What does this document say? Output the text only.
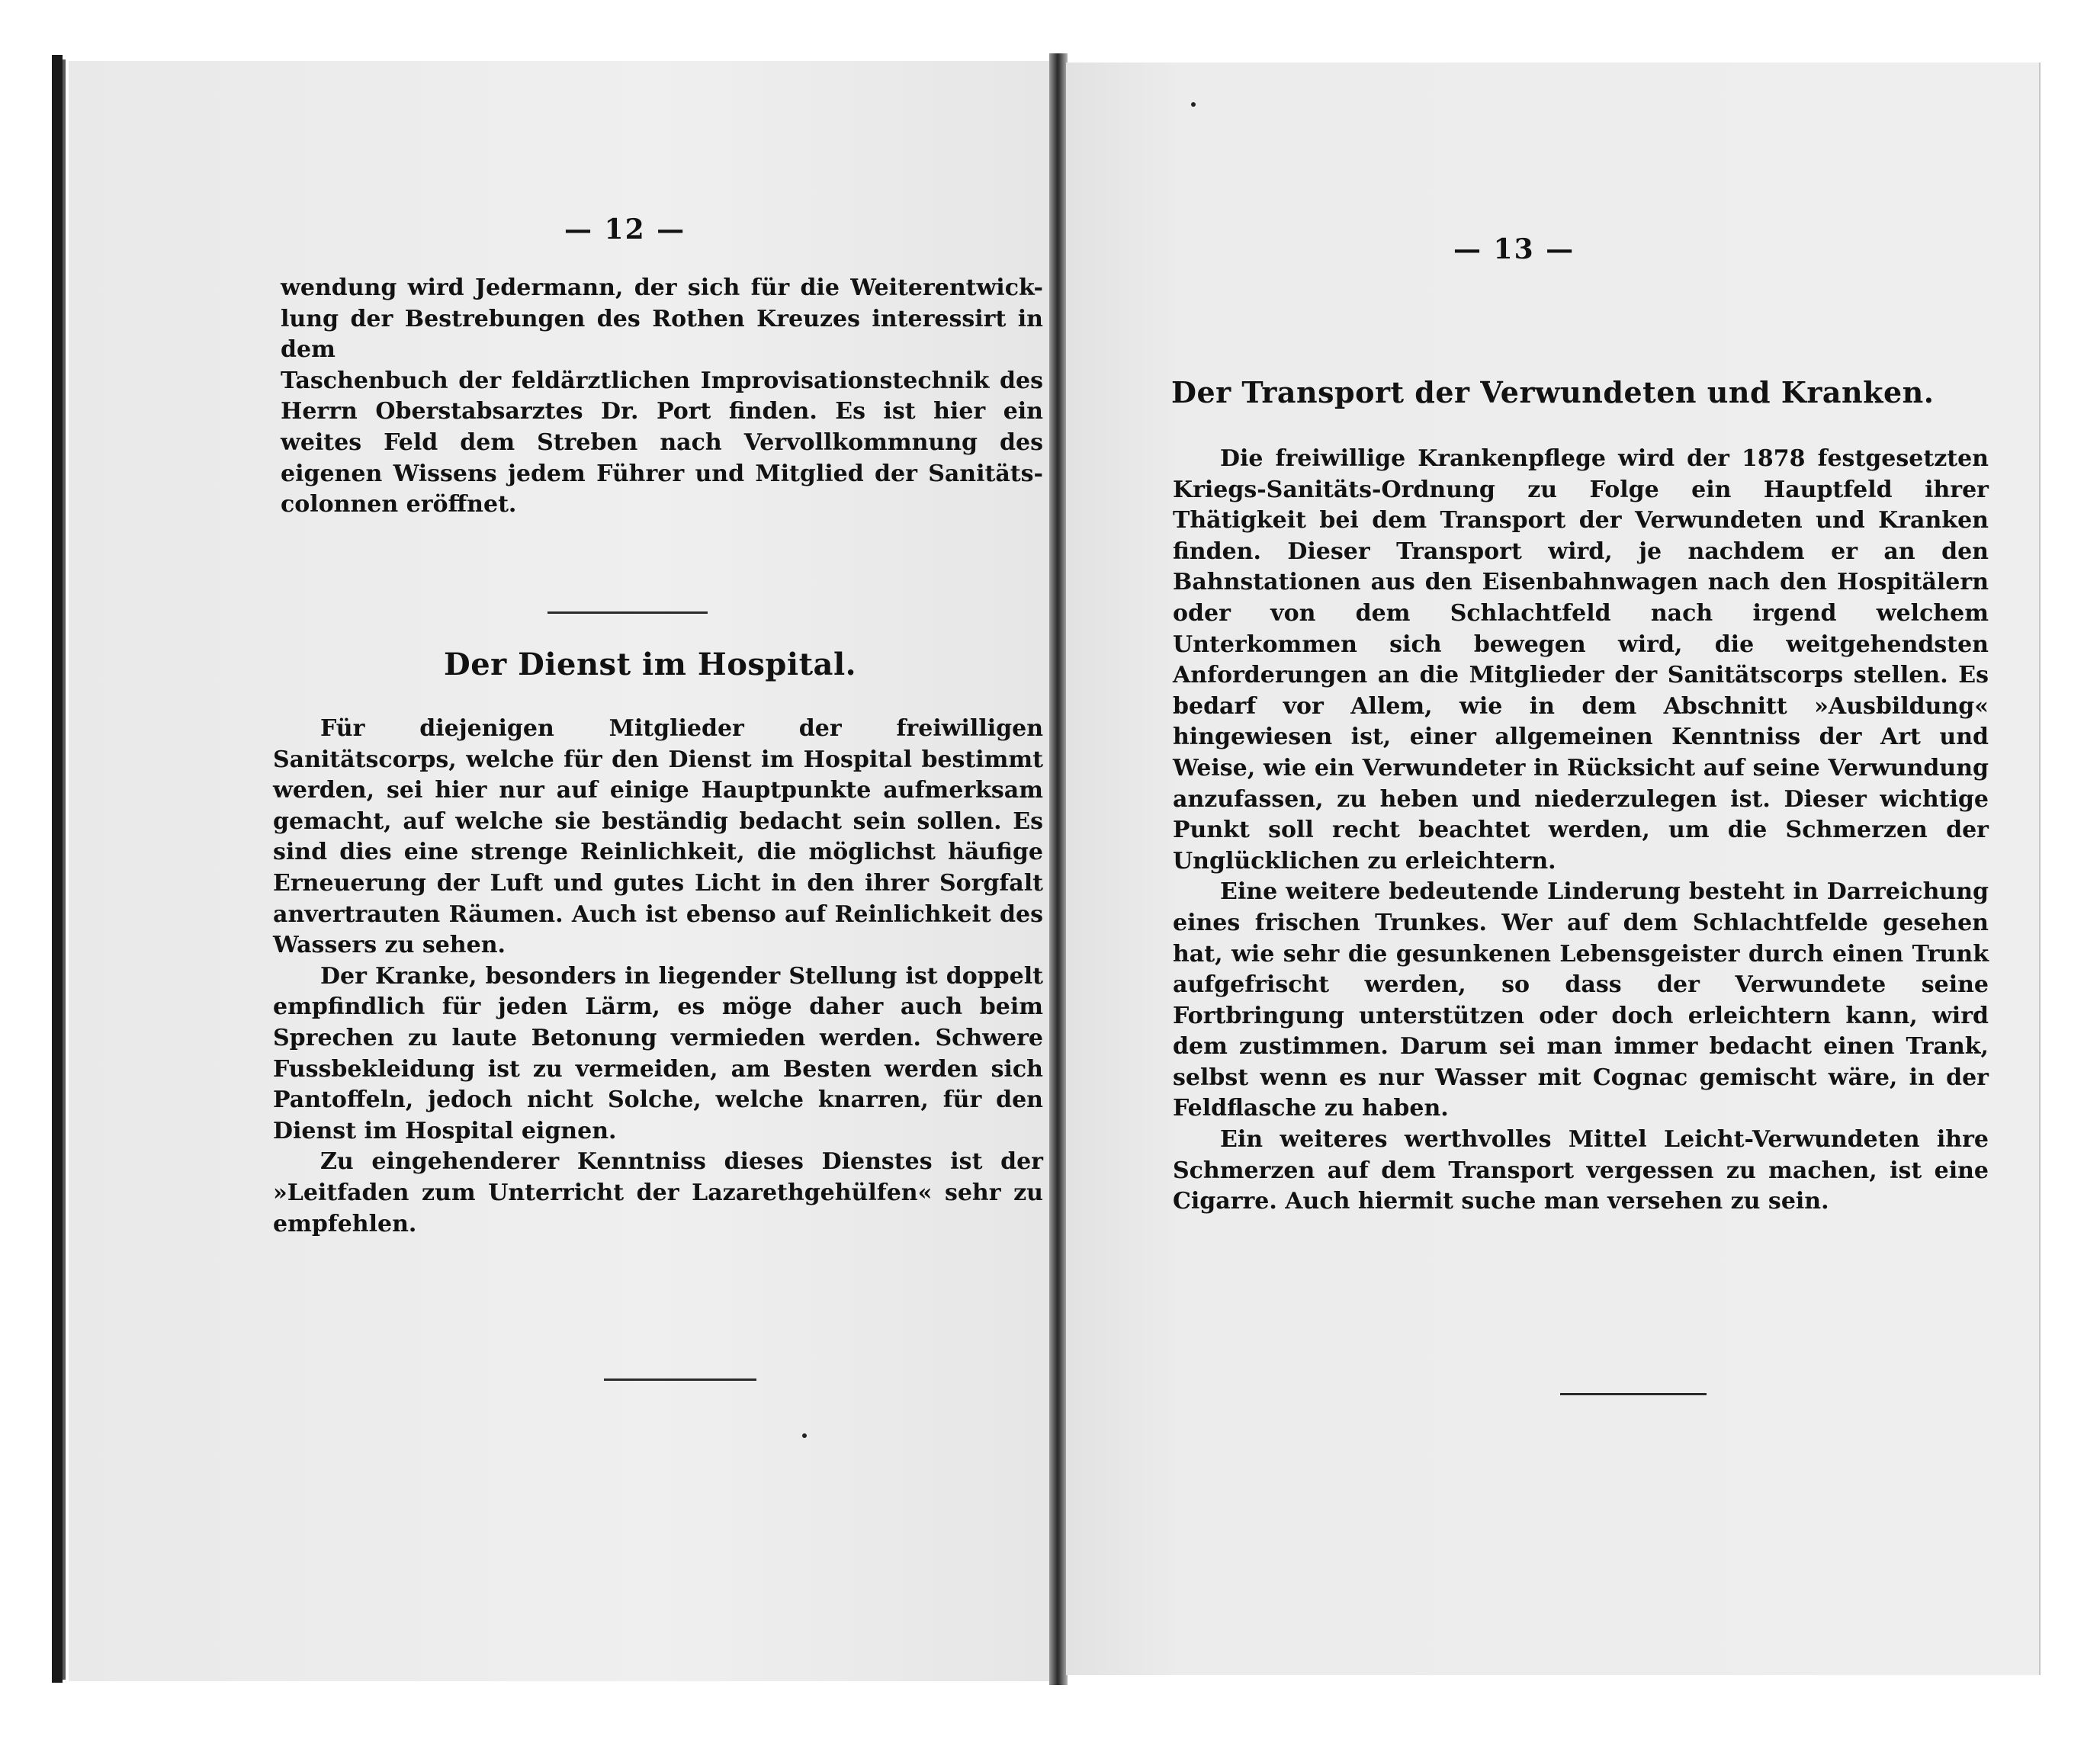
— 12 —

wendung wird Jedermann, der sich für die Weiterentwick-

lung der Bestrebungen des Rothen Kreuzes interessirt in dem

Taschenbuch der feldärztlichen Improvisationstechnik des

Herrn Oberstabsarztes Dr. Port finden. Es ist hier ein

weites Feld dem Streben nach Vervollkommnung des

eigenen Wissens jedem Führer und Mitglied der Sanitäts-

colonnen eröffnet.

Der Dienst im Hospital.

Für diejenigen Mitglieder der freiwilligen Sanitätscorps, welche für den Dienst im Hospital bestimmt werden, sei hier nur auf einige Hauptpunkte aufmerksam gemacht, auf welche sie beständig bedacht sein sollen. Es sind dies eine strenge Reinlichkeit, die möglichst häufige Erneuerung der Luft und gutes Licht in den ihrer Sorgfalt anvertrauten Räumen. Auch ist ebenso auf Reinlichkeit des Wassers zu sehen.

Der Kranke, besonders in liegender Stellung ist doppelt empfindlich für jeden Lärm, es möge daher auch beim Sprechen zu laute Betonung vermieden werden. Schwere Fussbekleidung ist zu vermeiden, am Besten werden sich Pantoffeln, jedoch nicht Solche, welche knarren, für den Dienst im Hospital eignen.

Zu eingehenderer Kenntniss dieses Dienstes ist der »Leitfaden zum Unterricht der Lazarethgehülfen« sehr zu empfehlen.

— 13 —
Der Transport der Verwundeten und Kranken.

Die freiwillige Krankenpflege wird der 1878 festgesetzten Kriegs-Sanitäts-Ordnung zu Folge ein Hauptfeld ihrer Thätigkeit bei dem Transport der Verwundeten und Kranken finden. Dieser Transport wird, je nachdem er an den Bahnstationen aus den Eisenbahnwagen nach den Hospitälern oder von dem Schlachtfeld nach irgend welchem Unterkommen sich bewegen wird, die weitgehendsten Anforderungen an die Mitglieder der Sanitätscorps stellen. Es bedarf vor Allem, wie in dem Abschnitt »Ausbildung« hingewiesen ist, einer allgemeinen Kenntniss der Art und Weise, wie ein Verwundeter in Rücksicht auf seine Verwundung anzufassen, zu heben und niederzulegen ist. Dieser wichtige Punkt soll recht beachtet werden, um die Schmerzen der Unglücklichen zu erleichtern.

Eine weitere bedeutende Linderung besteht in Darreichung eines frischen Trunkes. Wer auf dem Schlachtfelde gesehen hat, wie sehr die gesunkenen Lebensgeister durch einen Trunk aufgefrischt werden, so dass der Verwundete seine Fortbringung unterstützen oder doch erleichtern kann, wird dem zustimmen. Darum sei man immer bedacht einen Trank, selbst wenn es nur Wasser mit Cognac gemischt wäre, in der Feldflasche zu haben.

Ein weiteres werthvolles Mittel Leicht-Verwundeten ihre Schmerzen auf dem Transport vergessen zu machen, ist eine Cigarre. Auch hiermit suche man versehen zu sein.
